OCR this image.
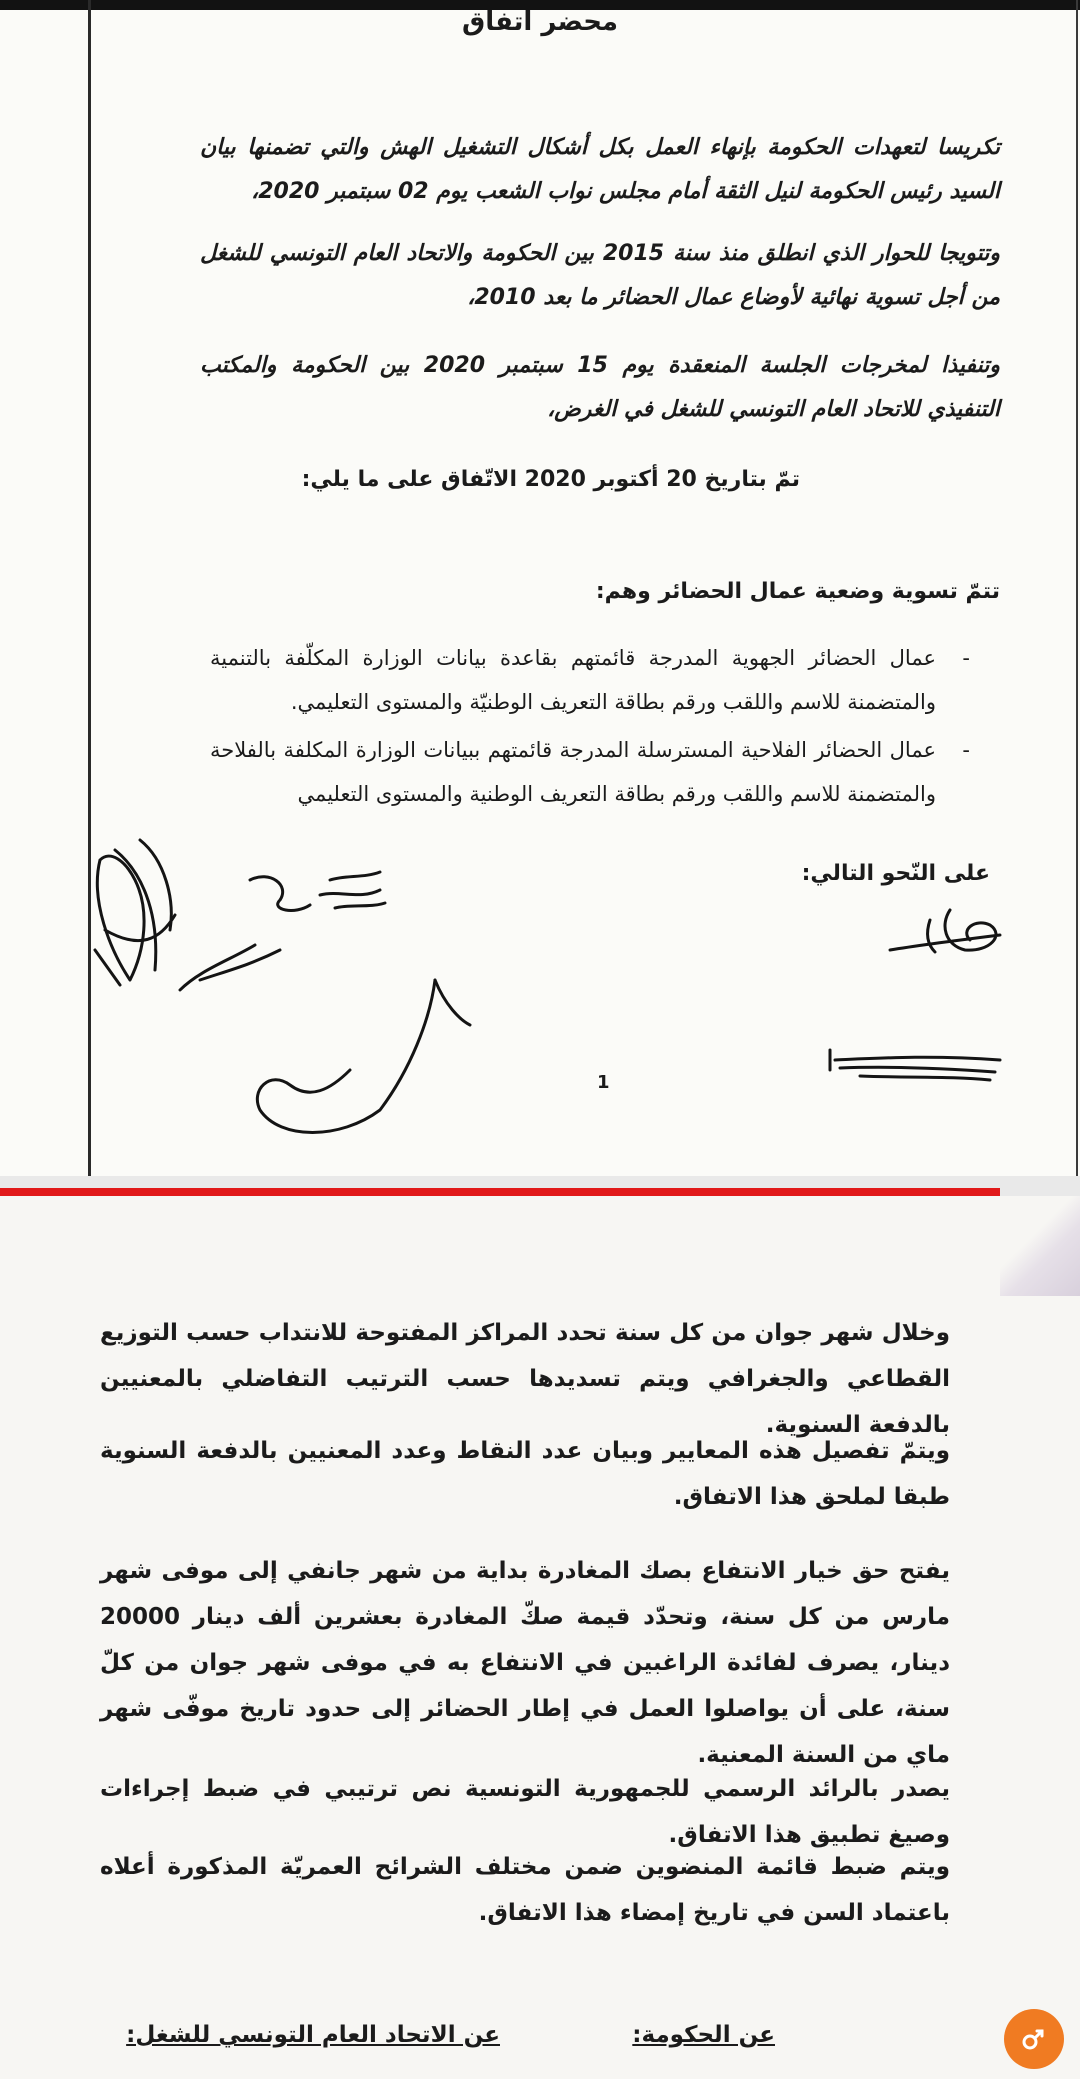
محضر اتفاق

تكريسا لتعهدات الحكومة بإنهاء العمل بكل أشكال التشغيل الهش والتي تضمنها بيان السيد رئيس الحكومة لنيل الثقة أمام مجلس نواب الشعب يوم 02 سبتمبر 2020،

وتتويجا للحوار الذي انطلق منذ سنة 2015 بين الحكومة والاتحاد العام التونسي للشغل من أجل تسوية نهائية لأوضاع عمال الحضائر ما بعد 2010،

وتنفيذا لمخرجات الجلسة المنعقدة يوم 15 سبتمبر 2020 بين الحكومة والمكتب التنفيذي للاتحاد العام التونسي للشغل في الغرض،

تمّ بتاريخ 20 أكتوبر 2020 الاتّفاق على ما يلي:

تتمّ تسوية وضعية عمال الحضائر وهم:

-
عمال الحضائر الجهوية المدرجة قائمتهم بقاعدة بيانات الوزارة المكلّفة بالتنمية والمتضمنة للاسم واللقب ورقم بطاقة التعريف الوطنيّة والمستوى التعليمي.
-
عمال الحضائر الفلاحية المسترسلة المدرجة قائمتهم ببيانات الوزارة المكلفة بالفلاحة والمتضمنة للاسم واللقب ورقم بطاقة التعريف الوطنية والمستوى التعليمي

على النّحو التالي:

1

وخلال شهر جوان من كل سنة تحدد المراكز المفتوحة للانتداب حسب التوزيع القطاعي والجغرافي ويتم تسديدها حسب الترتيب التفاضلي بالمعنيين بالدفعة السنوية.

ويتمّ تفصيل هذه المعايير وبيان عدد النقاط وعدد المعنيين بالدفعة السنوية طبقا لملحق هذا الاتفاق.

يفتح حق خيار الانتفاع بصك المغادرة بداية من شهر جانفي إلى موفى شهر مارس من كل سنة، وتحدّد قيمة صكّ المغادرة بعشرين ألف دينار 20000 دينار، يصرف لفائدة الراغبين في الانتفاع به في موفى شهر جوان من كلّ سنة، على أن يواصلوا العمل في إطار الحضائر إلى حدود تاريخ موفّى شهر ماي من السنة المعنية.

يصدر بالرائد الرسمي للجمهورية التونسية نص ترتيبي في ضبط إجراءات وصيغ تطبيق هذا الاتفاق.

ويتم ضبط قائمة المنضوين ضمن مختلف الشرائح العمريّة المذكورة أعلاه باعتماد السن في تاريخ إمضاء هذا الاتفاق.

عن الحكومة:
عن الاتحاد العام التونسي للشغل:
